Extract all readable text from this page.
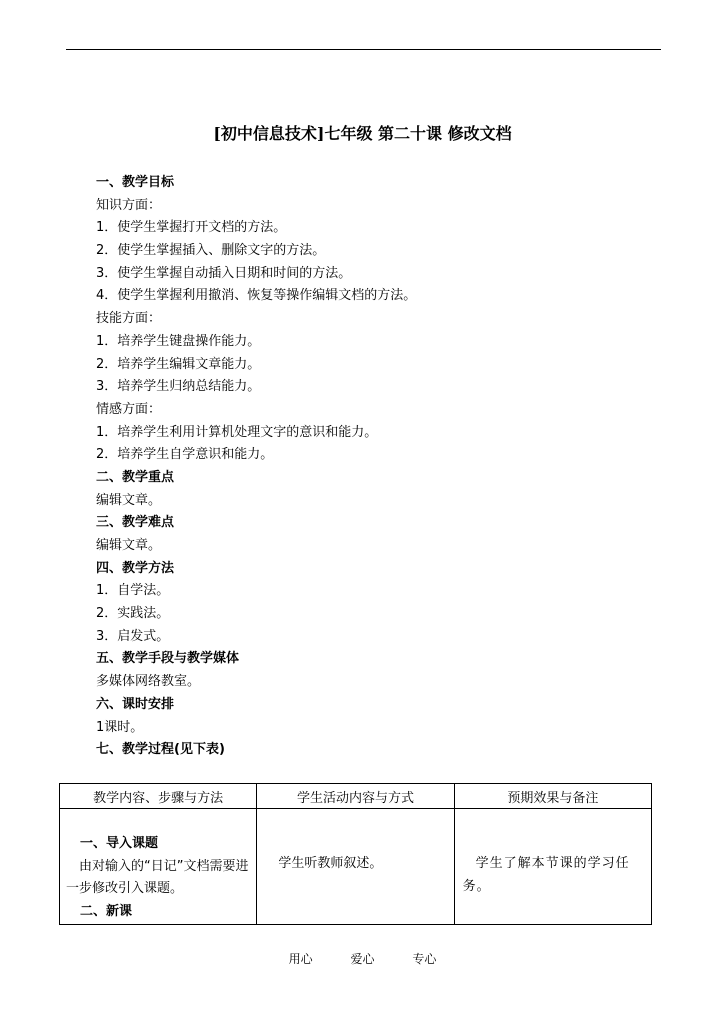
[初中信息技术]七年级 第二十课 修改文档
一、教学目标
知识方面：
1．使学生掌握打开文档的方法。
2．使学生掌握插入、删除文字的方法。
3．使学生掌握自动插入日期和时间的方法。
4．使学生掌握利用撤消、恢复等操作编辑文档的方法。
技能方面：
1．培养学生键盘操作能力。
2．培养学生编辑文章能力。
3．培养学生归纳总结能力。
情感方面：
1．培养学生利用计算机处理文字的意识和能力。
2．培养学生自学意识和能力。
二、教学重点
编辑文章。
三、教学难点
编辑文章。
四、教学方法
1．自学法。
2．实践法。
3．启发式。
五、教学手段与教学媒体
多媒体网络教室。
六、课时安排
1课时。
七、教学过程(见下表)
教学内容、步骤与方法	学生活动内容与方式	预期效果与备注

一、导入课题
由对输入的“日记”文档需要进一步修改引入课题。
二、新课	学生听教师叙述。	学生了解本节课的学习任务。
用心	爱心	专心
